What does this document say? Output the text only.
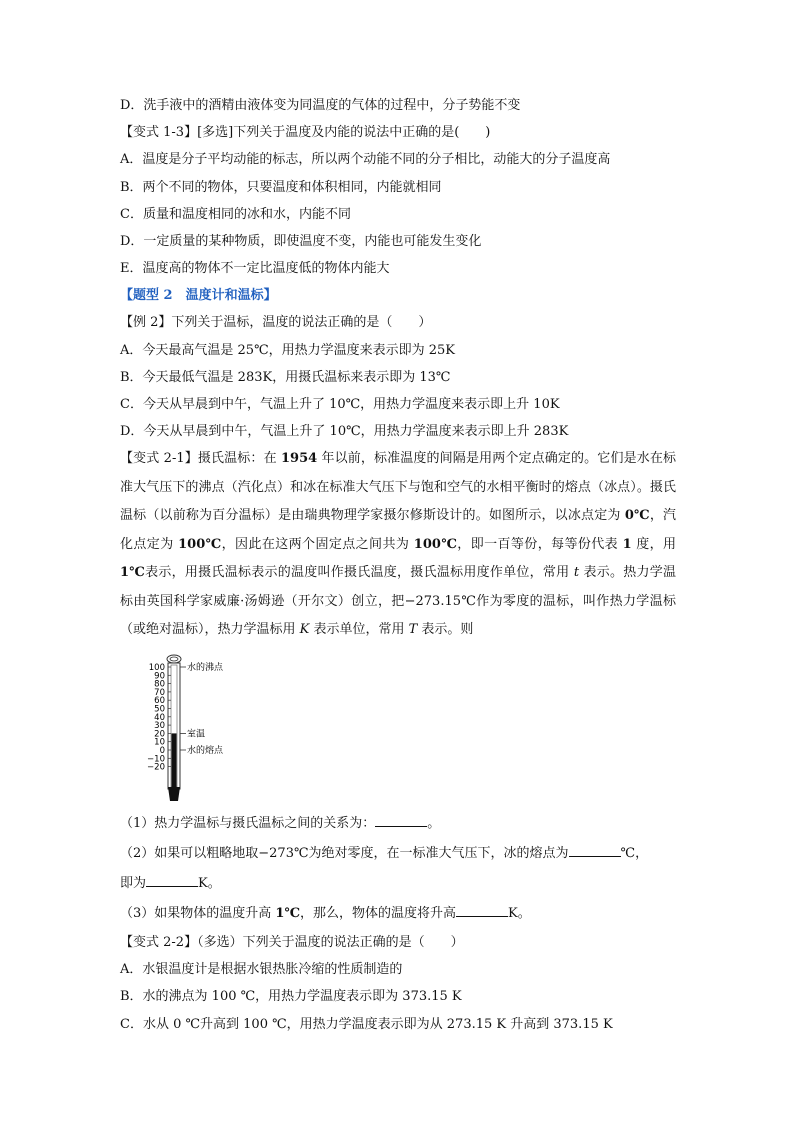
D．洗手液中的酒精由液体变为同温度的气体的过程中，分子势能不变
【变式 1-3】[多选]下列关于温度及内能的说法中正确的是(　　)
A．温度是分子平均动能的标志，所以两个动能不同的分子相比，动能大的分子温度高
B．两个不同的物体，只要温度和体积相同，内能就相同
C．质量和温度相同的冰和水，内能不同
D．一定质量的某种物质，即使温度不变，内能也可能发生变化
E．温度高的物体不一定比温度低的物体内能大
【题型 2　温度计和温标】
【例 2】下列关于温标，温度的说法正确的是（　　）
A．今天最高气温是 25℃，用热力学温度来表示即为 25K
B．今天最低气温是 283K，用摄氏温标来表示即为 13℃
C．今天从早晨到中午，气温上升了 10℃，用热力学温度来表示即上升 10K
D．今天从早晨到中午，气温上升了 10℃，用热力学温度来表示即上升 283K
【变式 2-1】摄氏温标：在 1954 年以前，标准温度的间隔是用两个定点确定的。它们是水在标准大气压下的沸点（汽化点）和冰在标准大气压下与饱和空气的水相平衡时的熔点（冰点）。摄氏温标（以前称为百分温标）是由瑞典物理学家摄尔修斯设计的。如图所示，以冰点定为 0℃，汽化点定为 100℃，因此在这两个固定点之间共为 100℃，即一百等份，每等份代表 1 度，用 1℃表示，用摄氏温标表示的温度叫作摄氏温度，摄氏温标用度作单位，常用 t 表示。热力学温标由英国科学家威廉·汤姆逊（开尔文）创立，把−273.15℃作为零度的温标，叫作热力学温标（或绝对温标），热力学温标用 K 表示单位，常用 T 表示。则
100
90
80
70
60
50
40
30
20
10
0
−10
−20
水的沸点
室温
水的熔点
（1）热力学温标与摄氏温标之间的关系为：	。
（2）如果可以粗略地取−273℃为绝对零度，在一标准大气压下，冰的熔点为	℃，
即为	K。
（3）如果物体的温度升高 1℃，那么，物体的温度将升高	K。
【变式 2-2】（多选）下列关于温度的说法正确的是（　　）
A．水银温度计是根据水银热胀冷缩的性质制造的
B．水的沸点为 100 ℃，用热力学温度表示即为 373.15 K
C．水从 0 ℃升高到 100 ℃，用热力学温度表示即为从 273.15 K 升高到 373.15 K
